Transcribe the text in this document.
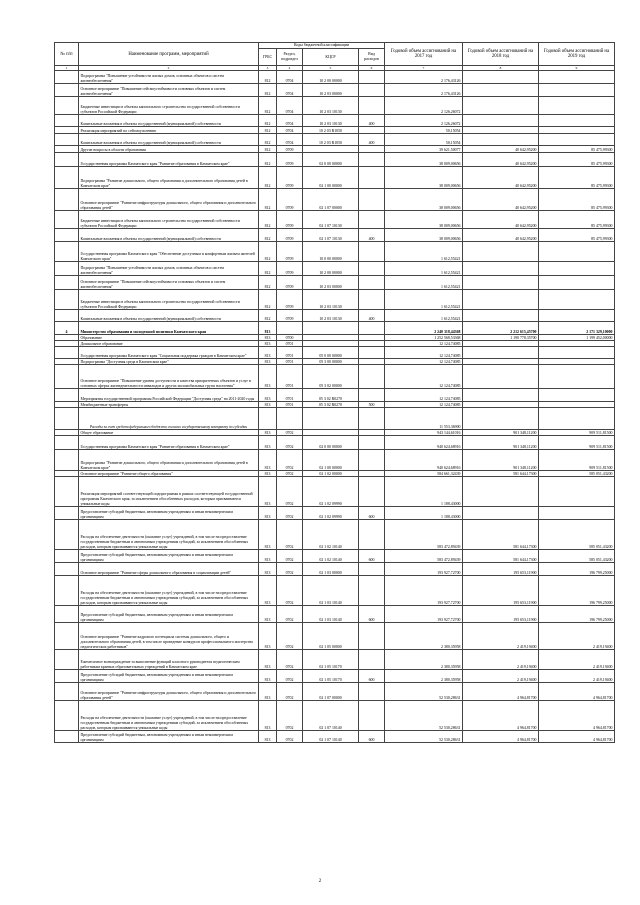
№ п/п	Наименование программ, мероприятий	Коды бюджетной классификации				Годовой объем ассигнований на 2017 год	Годовой объем ассигнований на 2018 год	Годовой объем ассигнований на 2019 год
		ГРБС	Раздел, подраздел	КЦСР	Вид расходов			
1	2	3	4	5	6	7	8	9
	Подпрограмма "Повышение устойчивости жилых домов, основных объектов и систем жизнеобеспечения"	812	0704	10 2 00 00000		2 176,43126		
	Основное мероприятие "Повышение сейсмоустойчивости основных объектов и систем жизнеобеспечения"	812	0704	10 2 03 00000		2 176,43126		
	Бюджетные инвестиции в объекты капитального строительства государственной собственности субъектов Российской Федерации	812	0704	10 2 03 10130		2 126,26072		
	Капитальные вложения в объекты государственной (муниципальной) собственности	812	0704	10 2 03 10130	400	2 126,26072		
	Реализация мероприятий по сейсмоусилению	812	0704	10 2 03 R1050		50,15054		
	Капитальные вложения в объекты государственной (муниципальной) собственности	812	0704	10 2 03 R1050	400	50,15054		
	Другие вопросы в области образования	812	0709			39 621,50077	40 642,95200	85 475,99300
	Государственная программа Камчатского края "Развитие образования в Камчатском крае"	812	0709	02 0 00 00000		38 009,00656	40 642,95200	85 475,99300
	Подпрограмма "Развитие дошкольного, общего образования и дополнительного образования детей в Камчатском крае"	812	0709	02 1 00 00000		38 009,00656	40 642,95200	85 475,99300
	Основное мероприятие "Развитие инфраструктуры дошкольного, общего образования и дополнительного образования детей"	812	0709	02 1 07 00000		38 009,00656	40 642,95200	85 475,99300
	Бюджетные инвестиции в объекты капитального строительства государственной собственности субъектов Российской Федерации	812	0709	02 1 07 10130		38 009,00656	40 642,95200	85 475,99300
	Капитальные вложения в объекты государственной (муниципальной) собственности	812	0709	02 1 07 10130	400	38 009,00656	40 642,95200	85 475,99300
	Государственная программа Камчатского края "Обеспечение доступным и комфортным жильем жителей Камчатского края"	812	0709	10 0 00 00000		1 612,55421		
	Подпрограмма "Повышение устойчивости жилых домов, основных объектов и систем жизнеобеспечения"	812	0709	10 2 00 00000		1 612,55421		
	Основное мероприятие "Повышение сейсмоустойчивости основных объектов и систем жизнеобеспечения"	812	0709	10 2 03 00000		1 612,55421		
	Бюджетные инвестиции в объекты капитального строительства государственной собственности субъектов Российской Федерации	812	0709	10 2 03 10130		1 612,55421		
	Капитальные вложения в объекты государственной (муниципальной) собственности	812	0709	10 2 03 10130	400	1 612,55421		
4	Министерство образования и молодежной политики Камчатского края	813				2 240 318,44368	2 212 615,45700	2 171 329,10000
	Образование	813	0700			1 252 568,53368	1 190 778,35700	1 199 452,00000
	Дошкольное образование	813	0701			12 124,74085		
	Государственная программа Камчатского края "Социальная поддержка граждан в Камчатском крае"	813	0701	05 0 00 00000		12 124,74085		
	Подпрограмма "Доступная среда в Камчатском крае"	813	0701	05 3 00 00000		12 124,74085		
	Основное мероприятие "Повышение уровня доступности и качества приоритетных объектов и услуг в основных сферах жизнедеятельности инвалидов и других маломобильных групп населения"	813	0701	05 3 02 00000		12 124,74085		
	Мероприятия государственной программы Российской Федерации "Доступная среда" на 2011-2020 годы	813	0701	05 3 02 R0270		12 124,74085		
	Межбюджетные трансферты	813	0701	05 3 02 R0270	500	12 124,74085		
	Расходы за счет средств федерального бюджета согласно государственному контракту по субсидии					11 553,36900		
	Общее образование	813	0702			943 144,61016	901 348,11200	909 511,81500
	Государственная программа Камчатского края "Развитие образования в Камчатском крае"	813	0702	02 0 00 00000		940 624,68916	901 348,11200	909 511,81500
	Подпрограмма "Развитие дошкольного, общего образования и дополнительного образования детей в Камчатском крае"	813	0702	02 1 00 00000		940 624,68916	901 348,11200	909 511,81500
	Основное мероприятие "Развитие общего образования"	813	0702	02 1 02 00000		584 661,32439	581 644,17300	585 051,43200
	Реализация мероприятий соответствующей подпрограммы в рамках соответствующей государственной программы Камчатского края, за исключением обособленных расходов, которым присваиваются уникальные коды	813	0702	02 1 02 09990		1 188,43000		
	Предоставление субсидий бюджетным, автономным учреждениям и иным некоммерческим организациям	813	0702	02 1 02 09990	600	1 188,43000		
	Расходы на обеспечение деятельности (оказание услуг) учреждений, в том числе на предоставление государственным бюджетным и автономным учреждениям субсидий, за исключением обособленных расходов, которым присваиваются уникальные коды	813	0702	02 1 02 10140		583 472,89439	581 644,17300	585 051,43200
	Предоставление субсидий бюджетным, автономным учреждениям и иным некоммерческим организациям	813	0702	02 1 02 10140	600	583 472,89439	581 644,17300	585 051,43200
	Основное мероприятие "Развитие сферы дошкольного образования в социализации детей"	813	0702	02 1 03 00000		193 927,72700	195 653,11900	196 799,25000
	Расходы на обеспечение деятельности (оказание услуг) учреждений, в том числе на предоставление государственным бюджетным и автономным учреждениям субсидий, за исключением обособленных расходов, которым присваиваются уникальные коды	813	0702	02 1 03 10140		193 927,72700	195 653,11900	196 799,25000
	Предоставление субсидий бюджетным, автономным учреждениям и иным некоммерческим организациям	813	0702	02 1 03 10140	600	193 927,72700	195 653,11900	196 799,25000
	Основное мероприятие "Развитие кадрового потенциала системы дошкольного, общего и дополнительного образования детей, в том числе проведение конкурсов профессионального мастерства педагогических работников"	813	0702	02 1 05 00000		2 380,35958	2 419,19400	2 419,19400
	Ежемесячное вознаграждение за выполнение функций классного руководителя педагогическим работникам краевых образовательных учреждений в Камчатском крае	813	0702	02 1 05 10170		2 380,35958	2 419,19400	2 419,19400
	Предоставление субсидий бюджетным, автономным учреждениям и иным некоммерческим организациям	813	0702	02 1 05 10170	600	2 380,35958	2 419,19400	2 419,19400
	Основное мероприятие "Развитие инфраструктуры дошкольного, общего образования и дополнительного образования детей"	813	0702	02 1 07 00000		52 530,28631	4 964,81700	4 964,81700
	Расходы на обеспечение деятельности (оказание услуг) учреждений, в том числе на предоставление государственным бюджетным и автономным учреждениям субсидий, за исключением обособленных расходов, которым присваиваются уникальные коды	813	0702	02 1 07 10140		52 530,28631	4 964,81700	4 964,81700
	Предоставление субсидий бюджетным, автономным учреждениям и иным некоммерческим организациям	813	0702	02 1 07 10140	600	52 530,28631	4 964,81700	4 964,81700
2
